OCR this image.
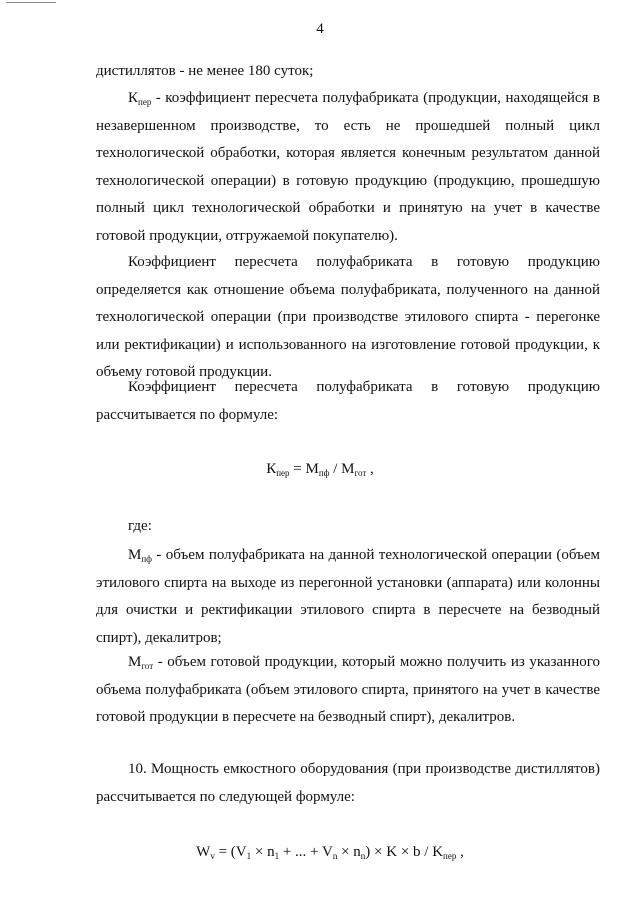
4
дистиллятов - не менее 180 суток;
$К_{пер}$ - коэффициент пересчета полуфабриката (продукции, находящейся в незавершенном производстве, то есть не прошедшей полный цикл технологической обработки, которая является конечным результатом данной технологической операции) в готовую продукцию (продукцию, прошедшую полный цикл технологической обработки и принятую на учет в качестве готовой продукции, отгружаемой покупателю).
Коэффициент пересчета полуфабриката в готовую продукцию определяется как отношение объема полуфабриката, полученного на данной технологической операции (при производстве этилового спирта - перегонке или ректификации) и использованного на изготовление готовой продукции, к объему готовой продукции.
Коэффициент пересчета полуфабриката в готовую продукцию рассчитывается по формуле:
$К_{пер} = М_{пф} / М_{гот}$ ,
где:
$М_{пф}$ - объем полуфабриката на данной технологической операции (объем этилового спирта на выходе из перегонной установки (аппарата) или колонны для очистки и ректификации этилового спирта в пересчете на безводный спирт), декалитров;
$М_{гот}$ - объем готовой продукции, который можно получить из указанного объема полуфабриката (объем этилового спирта, принятого на учет в качестве готовой продукции в пересчете на безводный спирт), декалитров.
10. Мощность емкостного оборудования (при производстве дистиллятов) рассчитывается по следующей формуле:
$W_v = (V_1 \times n_1$ + ... + $V_n \times n_n) \times K \times b / K_{пер}$ ,
